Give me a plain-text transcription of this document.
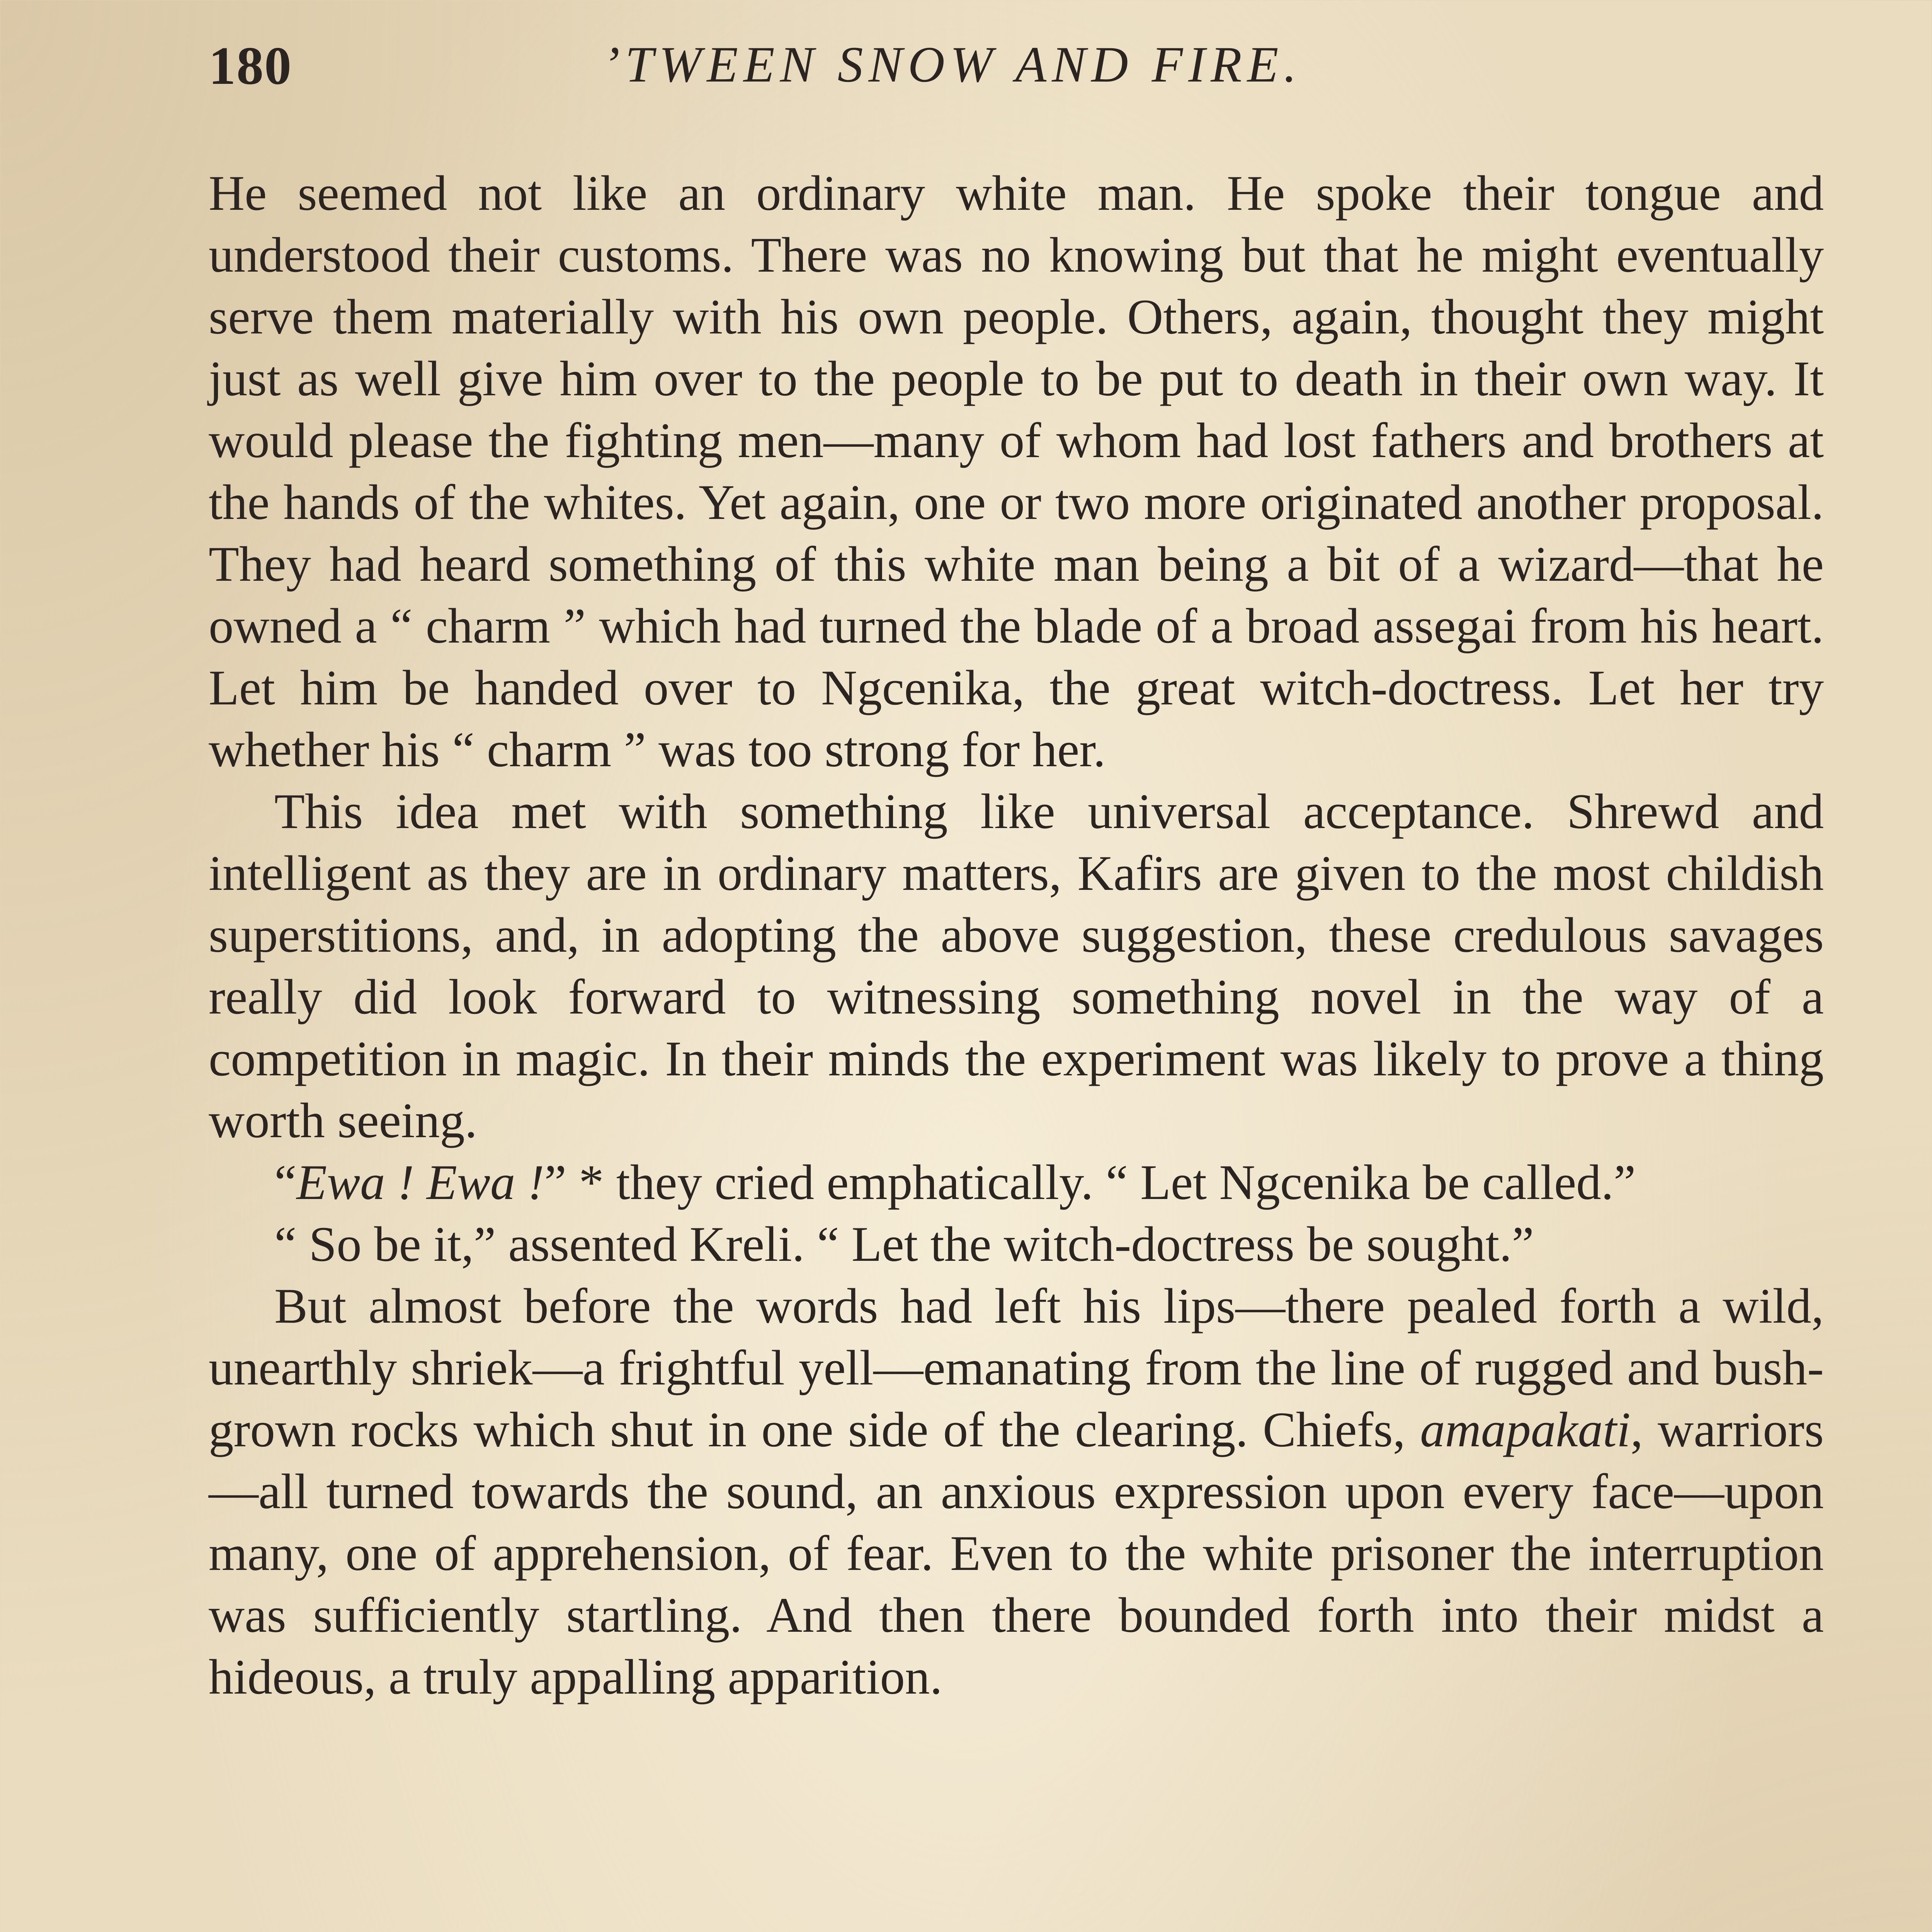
180	’TWEEN SNOW AND FIRE.

He seemed not like an ordinary white man. He spoke their tongue and understood their customs. There was no knowing but that he might eventually serve them materially with his own people. Others, again, thought they might just as well give him over to the people to be put to death in their own way. It would please the fighting men—many of whom had lost fathers and brothers at the hands of the whites. Yet again, one or two more originated another proposal. They had heard something of this white man being a bit of a wizard—that he owned a “ charm ” which had turned the blade of a broad assegai from his heart. Let him be handed over to Ngcenika, the great witch-doctress. Let her try whether his “ charm ” was too strong for her.

This idea met with something like universal acceptance. Shrewd and intelligent as they are in ordinary matters, Kafirs are given to the most childish superstitions, and, in adopting the above suggestion, these credulous savages really did look forward to witnessing something novel in the way of a competition in magic. In their minds the experiment was likely to prove a thing worth seeing.

“Ewa ! Ewa !” * they cried emphatically. “ Let Ngcenika be called.”

“ So be it,” assented Kreli. “ Let the witch-doctress be sought.”

But almost before the words had left his lips—there pealed forth a wild, unearthly shriek—a frightful yell—emanating from the line of rugged and bush-grown rocks which shut in one side of the clearing. Chiefs, amapakati, warriors—all turned towards the sound, an anxious expression upon every face—upon many, one of apprehension, of fear. Even to the white prisoner the interruption was sufficiently startling. And then there bounded forth into their midst a hideous, a truly appalling apparition.
